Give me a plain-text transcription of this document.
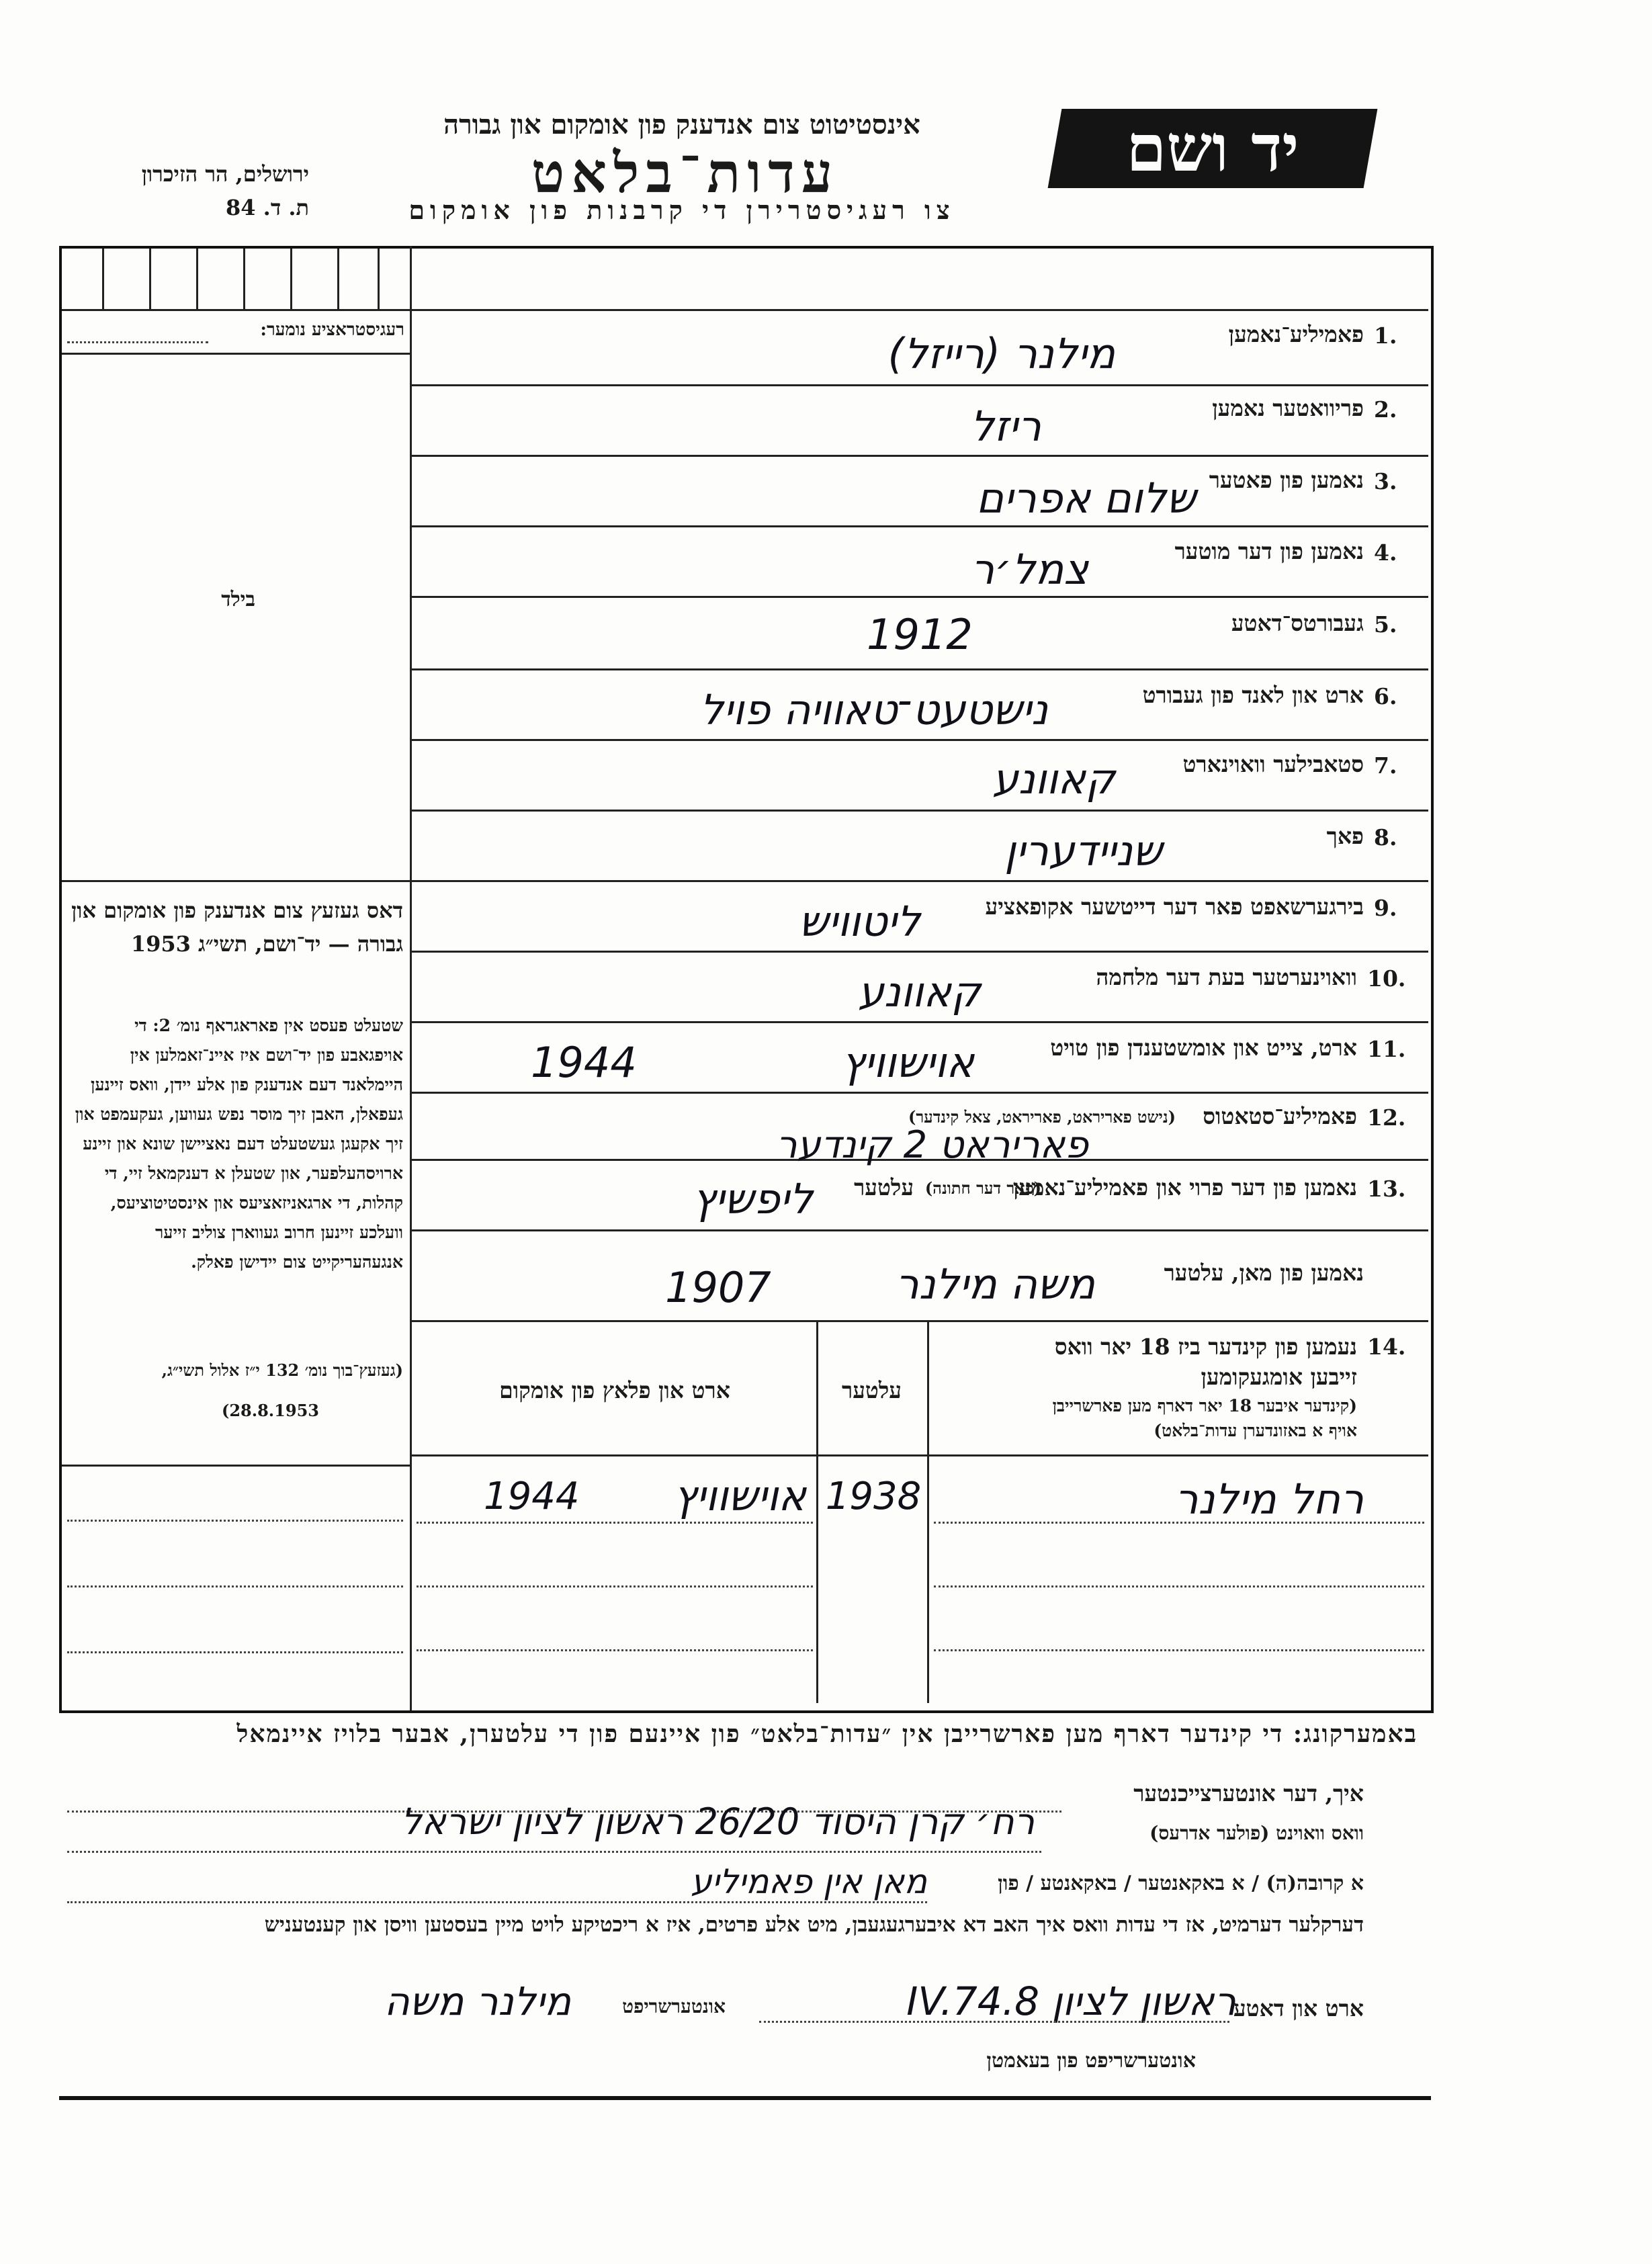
יד ושם
אינסטיטוט צום אנדענק פון אומקום און גבורה
עדות־בלאט
צו רעגיסטרירן די קרבנות פון אומקום
ירושלים, הר הזיכרון
ת. ד. 84
רעגיסטראציע נומער:
בילד
דאס געזעץ צום אנדענק פון אומקום און גבורה — יד־ושם, תשי״ג 1953
שטעלט פעסט אין פאראגראף נומ׳ 2: די אויפגאבע פון יד־ושם איז איינ־זאמלען אין היימלאנד דעם אנדענק פון אלע יידן, וואס זיינען געפאלן, האבן זיך מוסר נפש געווען, געקעמפט און זיך אקעגן געשטעלט דעם נאציישן שונא און זיינע ארויסהעלפער, און שטעלן א דענקמאל זיי, די קהלות, די ארגאניזאציעס און אינסטיטוציעס, וועלכע זיינען חרוב געווארן צוליב זייער אנגעהעריקייט צום יידישן פאלק.
(געזעץ־בוך נומ׳ 132 י״ז אלול תשי״ג,
(28.8.1953
1.
פאמיליע־נאמען
מילנר (רייזל)
2.
פריוואטער נאמען
ריזל
3.
נאמען פון פאטער
שלום אפרים
4.
נאמען פון דער מוטער
צמל׳ר
5.
געבורטס־דאטע
1912
6.
ארט און לאנד פון געבורט
נישטעט־טאוויה פויל
7.
סטאבילער וואוינארט
קאוונע
8.
פאך
שניידערין
9.
בירגערשאפט פאר דער דייטשער אקופאציע
ליטוויש
10.
וואוינערטער בעת דער מלחמה
קאוונע
11.
ארט, צייט און אומשטענדן פון טויט
אוישוויץ
1944
12.
פאמיליע־סטאטוס
(נישט פאריראט, פאריראט, צאל קינדער)
פאריראט 2 קינדער
13.
נאמען פון דער פרוי און פאמיליע־נאמען
(פאר דער חתונה)
עלטער
ליפשיץ
נאמען פון מאן, עלטער
משה מילנר
1907
14.
נעמען פון קינדער ביז 18 יאר וואס
זייבען אומגעקומען
(קינדער איבער 18 יאר דארף מען פארשרייבן
אויף א באזונדערן עדות־בלאט)
עלטער
ארט און פלאץ פון אומקום
רחל מילנר
1938
אוישוויץ
1944
באמערקונג: די קינדער דארף מען פארשרייבן אין ״עדות־בלאט״ פון איינעם פון די עלטערן, אבער בלויז איינמאל
איך, דער אונטערצייכנטער
וואס וואוינט (פולער אדרעס)
רח׳ קרן היסוד 26/20 ראשון לציון ישראל
א קרובה(ה) / א באקאנטער / באקאנטע / פון
מאן אין פאמיליע
דערקלער דערמיט, אז די עדות וואס איך האב דא איבערגעגעבן, מיט אלע פרטים, איז א ריכטיקע לויט מיין בעסטען וויסן און קענטעניש
ארט און דאטע
ראשון לציון 8.IV.74
אונטערשריפט
מילנר משה
אונטערשריפט פון בעאמטן
